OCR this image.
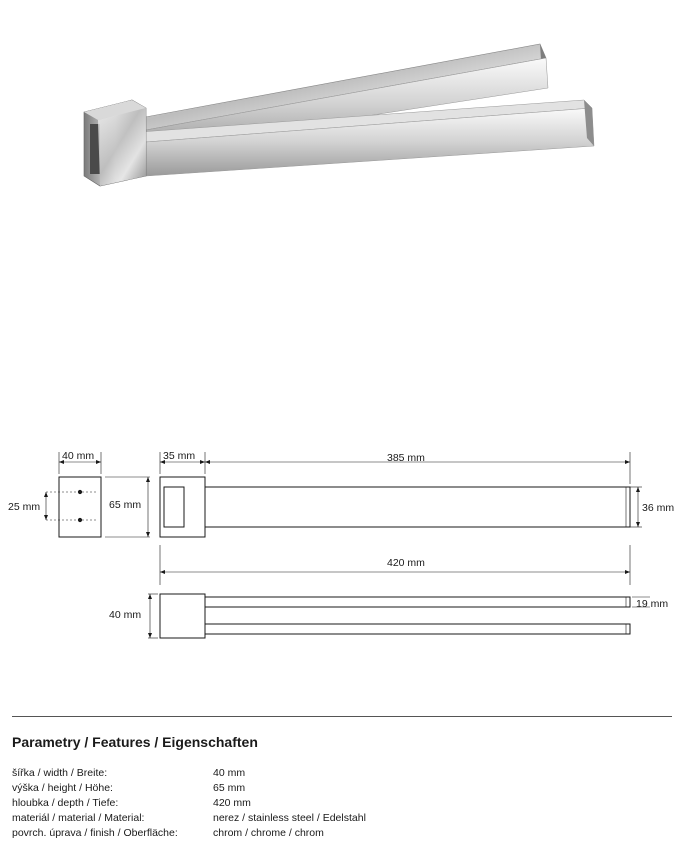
40 mm
25 mm	65 mm
35 mm	385 mm
36 mm
420 mm
40 mm
19 mm
Parametry / Features / Eigenschaften
šířka / width / Breite:	40 mm
výška / height / Höhe:	65 mm
hloubka / depth / Tiefe:	420 mm
materiál / material / Material:	nerez / stainless steel / Edelstahl
povrch. úprava / finish / Oberfläche:	chrom / chrome / chrom
